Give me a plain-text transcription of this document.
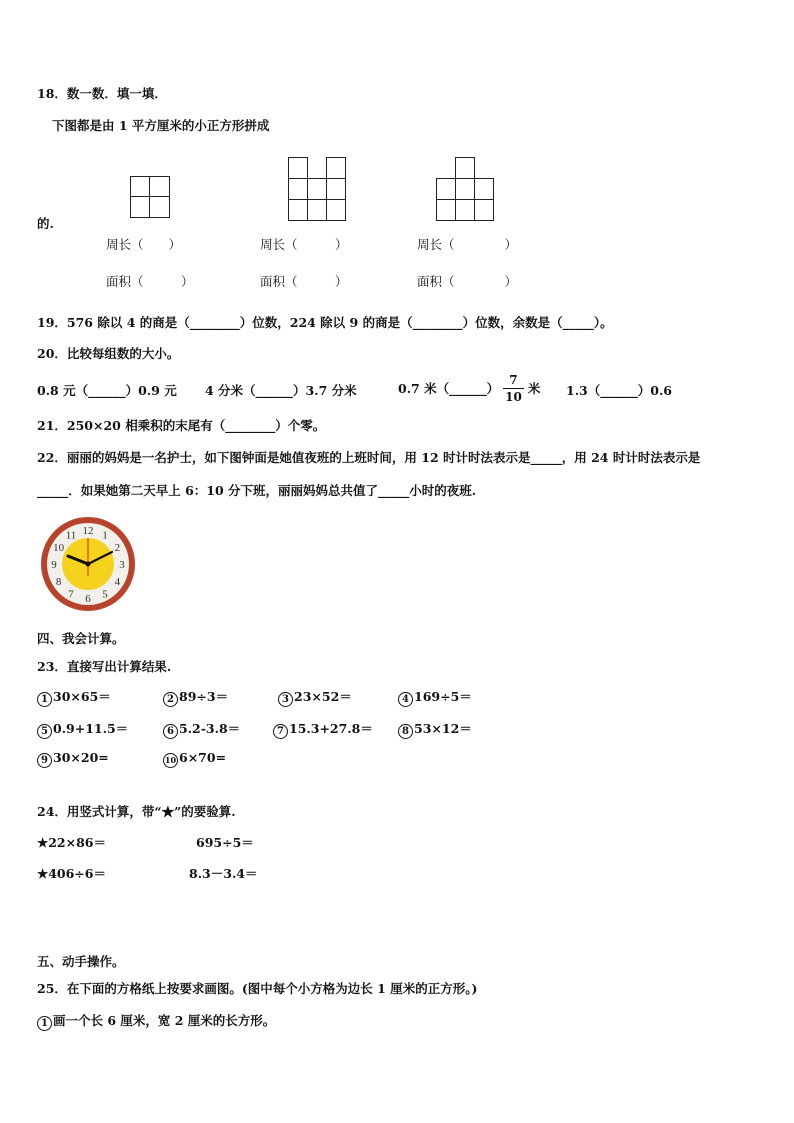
18．数一数．填一填．
下图都是由 1 平方厘米的小正方形拼成
的.
周长（　　）	周长（　　　）	周长（　　　　）
面积（　　　）	面积（　　　）	面积（　　　　）
19．576 除以 4 的商是（________）位数，224 除以 9 的商是（________）位数，余数是（_____）。
20．比较每组数的大小。
0.8 元（______）0.9 元 4 分米（______）3.7 分米	0.7 米（______） $\frac{7}{10}$ 米 1.3（______）0.6
21．250×20 相乘积的末尾有（________）个零。
22．丽丽的妈妈是一名护士，如下图钟面是她值夜班的上班时间，用 12 时计时法表示是_____，用 24 时计时法表示是
_____．如果她第二天早上 6：10 分下班，丽丽妈妈总共值了_____小时的夜班.
12 1
2
3
4
5
6
7
8
9
10
11
四、我会计算。
23．直接写出计算结果.
1 30×65＝	2 89÷3＝	3 23×52＝	4 169÷5＝
5 0.9+11.5＝	6 5.2-3.8＝	7 15.3+27.8＝	8 53×12＝
9 30×20=	10 6×70=
24．用竖式计算，带“★”的要验算.
★22×86＝	695÷5＝
★406÷6＝	8.3－3.4＝
五、动手操作。
25．在下面的方格纸上按要求画图。(图中每个小方格为边长 1 厘米的正方形。)
1 画一个长 6 厘米，宽 2 厘米的长方形。
